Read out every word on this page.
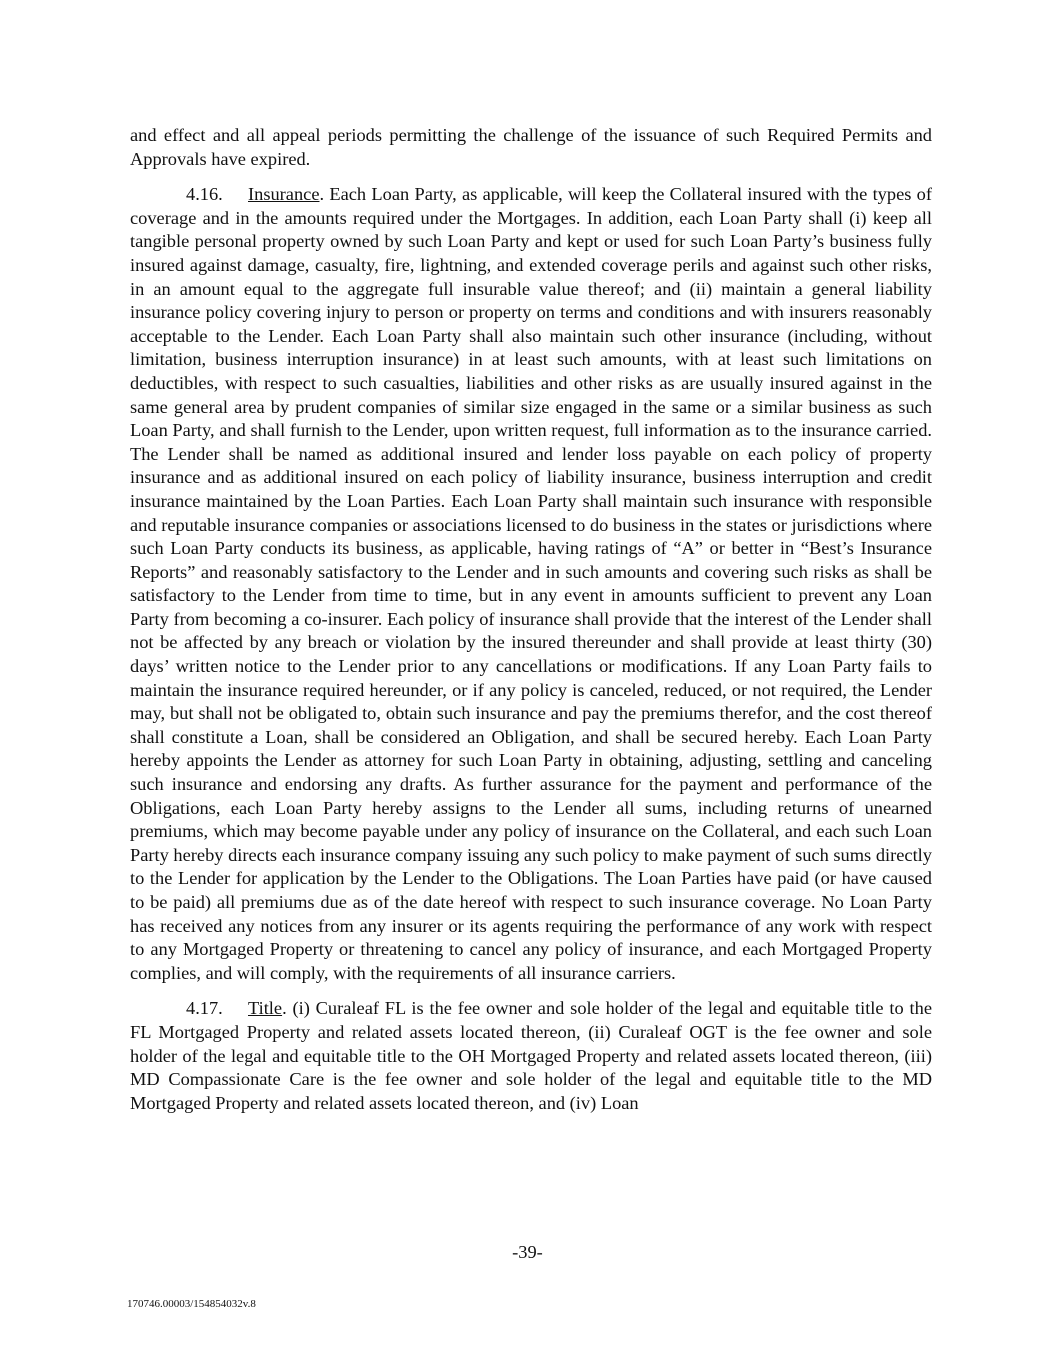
and effect and all appeal periods permitting the challenge of the issuance of such Required Permits and Approvals have expired.

4.16. Insurance. Each Loan Party, as applicable, will keep the Collateral insured with the types of coverage and in the amounts required under the Mortgages. In addition, each Loan Party shall (i) keep all tangible personal property owned by such Loan Party and kept or used for such Loan Party’s business fully insured against damage, casualty, fire, lightning, and extended coverage perils and against such other risks, in an amount equal to the aggregate full insurable value thereof; and (ii) maintain a general liability insurance policy covering injury to person or property on terms and conditions and with insurers reasonably acceptable to the Lender. Each Loan Party shall also maintain such other insurance (including, without limitation, business interruption insurance) in at least such amounts, with at least such limitations on deductibles, with respect to such casualties, liabilities and other risks as are usually insured against in the same general area by prudent companies of similar size engaged in the same or a similar business as such Loan Party, and shall furnish to the Lender, upon written request, full information as to the insurance carried. The Lender shall be named as additional insured and lender loss payable on each policy of property insurance and as additional insured on each policy of liability insurance, business interruption and credit insurance maintained by the Loan Parties. Each Loan Party shall maintain such insurance with responsible and reputable insurance companies or associations licensed to do business in the states or jurisdictions where such Loan Party conducts its business, as applicable, having ratings of “A” or better in “Best’s Insurance Reports” and reasonably satisfactory to the Lender and in such amounts and covering such risks as shall be satisfactory to the Lender from time to time, but in any event in amounts sufficient to prevent any Loan Party from becoming a co-insurer. Each policy of insurance shall provide that the interest of the Lender shall not be affected by any breach or violation by the insured thereunder and shall provide at least thirty (30) days’ written notice to the Lender prior to any cancellations or modifications. If any Loan Party fails to maintain the insurance required hereunder, or if any policy is canceled, reduced, or not required, the Lender may, but shall not be obligated to, obtain such insurance and pay the premiums therefor, and the cost thereof shall constitute a Loan, shall be considered an Obligation, and shall be secured hereby. Each Loan Party hereby appoints the Lender as attorney for such Loan Party in obtaining, adjusting, settling and canceling such insurance and endorsing any drafts. As further assurance for the payment and performance of the Obligations, each Loan Party hereby assigns to the Lender all sums, including returns of unearned premiums, which may become payable under any policy of insurance on the Collateral, and each such Loan Party hereby directs each insurance company issuing any such policy to make payment of such sums directly to the Lender for application by the Lender to the Obligations. The Loan Parties have paid (or have caused to be paid) all premiums due as of the date hereof with respect to such insurance coverage. No Loan Party has received any notices from any insurer or its agents requiring the performance of any work with respect to any Mortgaged Property or threatening to cancel any policy of insurance, and each Mortgaged Property complies, and will comply, with the requirements of all insurance carriers.

4.17. Title. (i) Curaleaf FL is the fee owner and sole holder of the legal and equitable title to the FL Mortgaged Property and related assets located thereon, (ii) Curaleaf OGT is the fee owner and sole holder of the legal and equitable title to the OH Mortgaged Property and related assets located thereon, (iii) MD Compassionate Care is the fee owner and sole holder of the legal and equitable title to the MD Mortgaged Property and related assets located thereon, and (iv) Loan

-39-
170746.00003/154854032v.8
